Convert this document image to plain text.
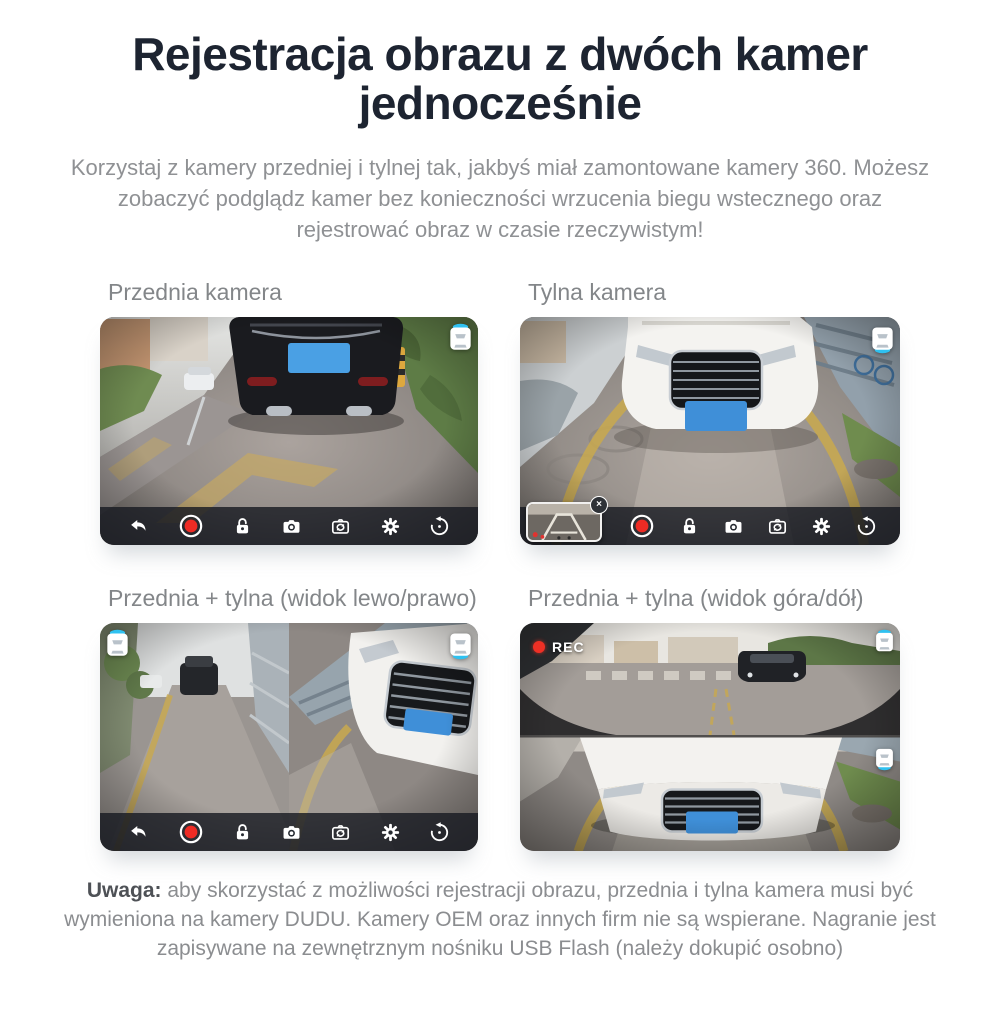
Rejestracja obrazu z dwóch kamer jednocześnie

Korzystaj z kamery przedniej i tylnej tak, jakbyś miał zamontowane kamery 360. Możesz zobaczyć podglądz kamer bez konieczności wrzucenia biegu wstecznego oraz rejestrować obraz w czasie rzeczywistym!

Przednia kamera	Tylna kamera
×
Przednia + tylna (widok lewo/prawo) Przednia + tylna (widok góra/dół)
REC

Uwaga: aby skorzystać z możliwości rejestracji obrazu, przednia i tylna kamera musi być wymieniona na kamery DUDU. Kamery OEM oraz innych firm nie są wspierane. Nagranie jest zapisywane na zewnętrznym nośniku USB Flash (należy dokupić osobno)
